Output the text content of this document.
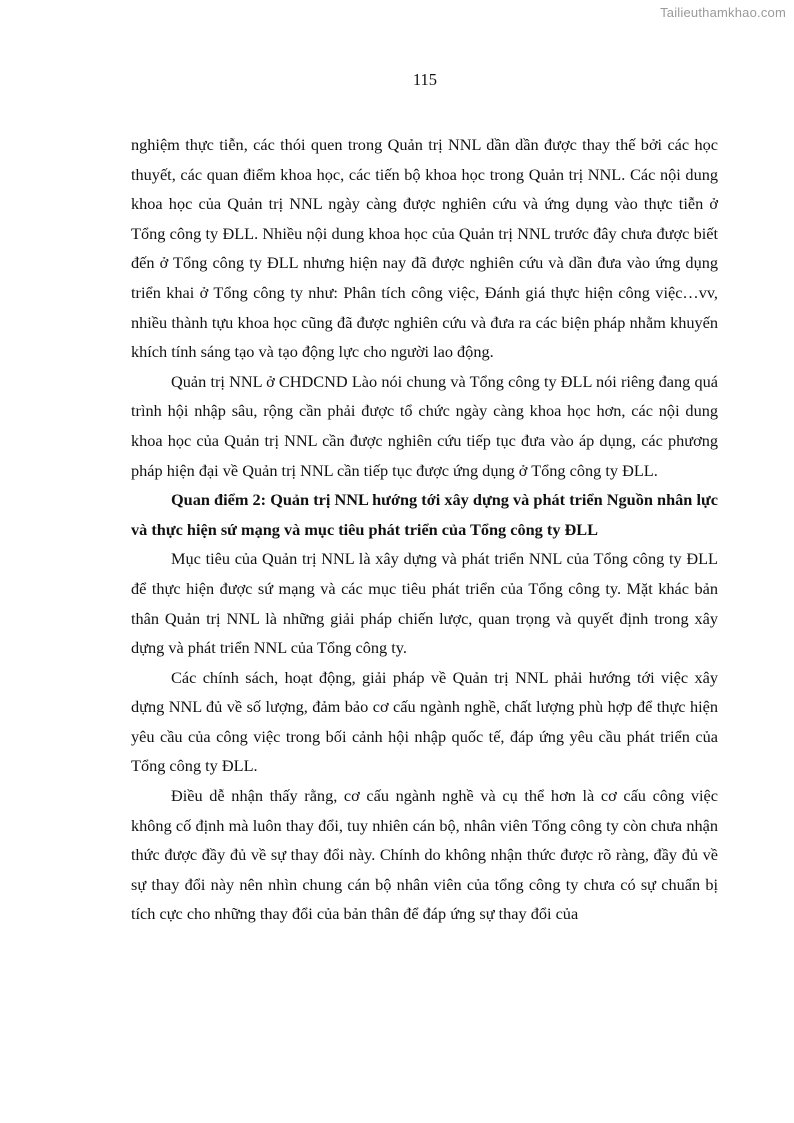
Tailieuthamkhao.com
115

nghiệm thực tiễn, các thói quen trong Quản trị NNL dần dần được thay thế bởi các học thuyết, các quan điểm khoa học, các tiến bộ khoa học trong Quản trị NNL. Các nội dung khoa học của Quản trị NNL ngày càng được nghiên cứu và ứng dụng vào thực tiễn ở Tổng công ty ĐLL. Nhiều nội dung khoa học của Quản trị NNL trước đây chưa được biết đến ở Tổng công ty ĐLL nhưng hiện nay đã được nghiên cứu và dần đưa vào ứng dụng triển khai ở Tổng công ty như: Phân tích công việc, Đánh giá thực hiện công việc…vv, nhiều thành tựu khoa học cũng đã được nghiên cứu và đưa ra các biện pháp nhằm khuyến khích tính sáng tạo và tạo động lực cho người lao động.

Quản trị NNL ở CHDCND Lào nói chung và Tổng công ty ĐLL nói riêng đang quá trình hội nhập sâu, rộng cần phải được tổ chức ngày càng khoa học hơn, các nội dung khoa học của Quản trị NNL cần được nghiên cứu tiếp tục đưa vào áp dụng, các phương pháp hiện đại về Quản trị NNL cần tiếp tục được ứng dụng ở Tổng công ty ĐLL.

Quan điểm 2: Quản trị NNL hướng tới xây dựng và phát triển Nguồn nhân lực và thực hiện sứ mạng và mục tiêu phát triển của Tổng công ty ĐLL

Mục tiêu của Quản trị NNL là xây dựng và phát triển NNL của Tổng công ty ĐLL để thực hiện được sứ mạng và các mục tiêu phát triển của Tổng công ty. Mặt khác bản thân Quản trị NNL là những giải pháp chiến lược, quan trọng và quyết định trong xây dựng và phát triển NNL của Tổng công ty.

Các chính sách, hoạt động, giải pháp về Quản trị NNL phải hướng tới việc xây dựng NNL đủ về số lượng, đảm bảo cơ cấu ngành nghề, chất lượng phù hợp để thực hiện yêu cầu của công việc trong bối cảnh hội nhập quốc tế, đáp ứng yêu cầu phát triển của Tổng công ty ĐLL.

Điều dễ nhận thấy rằng, cơ cấu ngành nghề và cụ thể hơn là cơ cấu công việc không cố định mà luôn thay đổi, tuy nhiên cán bộ, nhân viên Tổng công ty còn chưa nhận thức được đầy đủ về sự thay đổi này. Chính do không nhận thức được rõ ràng, đầy đủ về sự thay đổi này nên nhìn chung cán bộ nhân viên của tổng công ty chưa có sự chuẩn bị tích cực cho những thay đổi của bản thân để đáp ứng sự thay đổi của
